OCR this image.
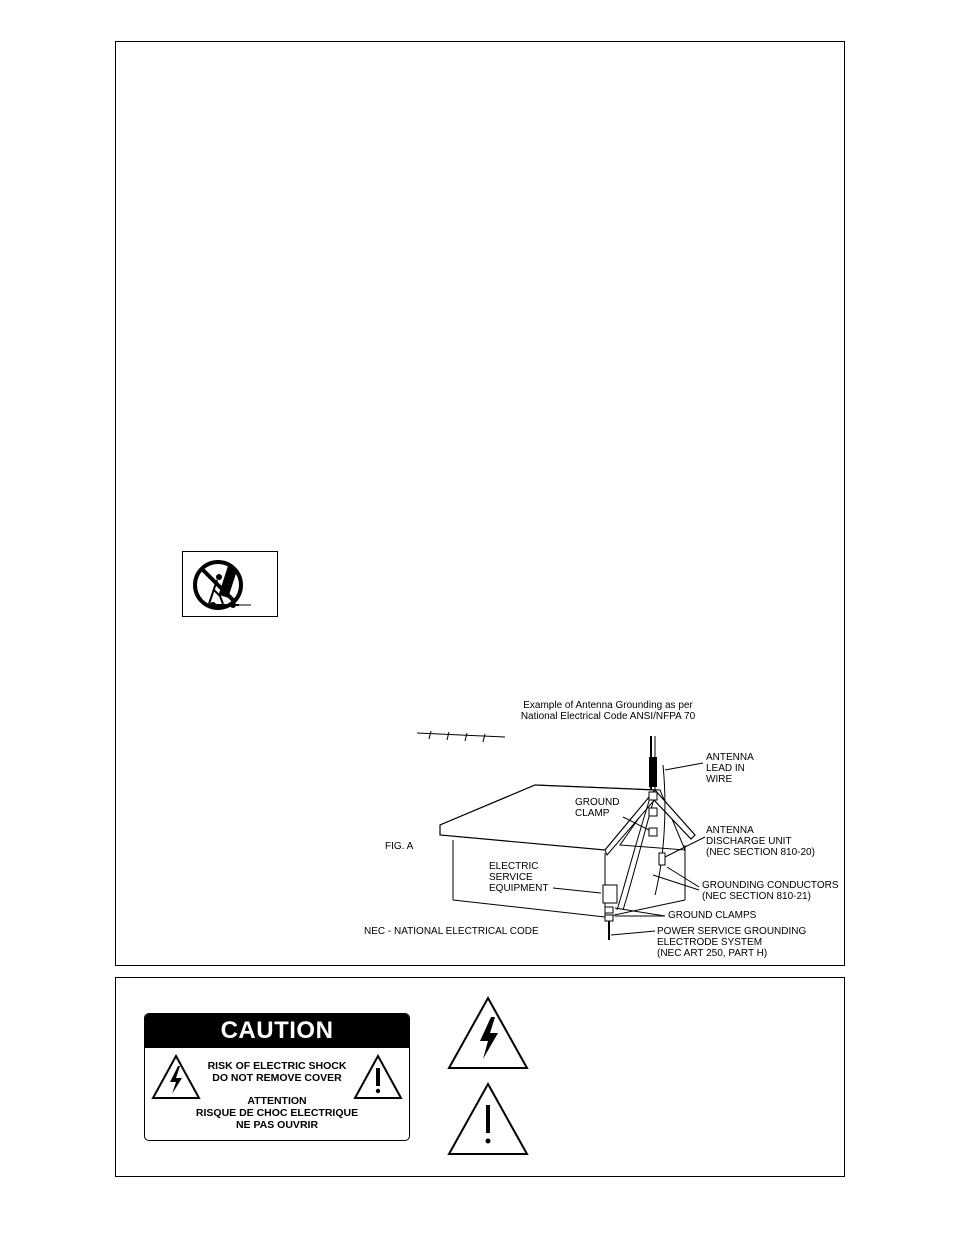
Example of Antenna Grounding as per
National Electrical Code ANSI/NFPA 70
ANTENNA
LEAD IN
WIRE
GROUND
CLAMP
ANTENNA
DISCHARGE UNIT
(NEC SECTION 810-20)
FIG. A
ELECTRIC
SERVICE
EQUIPMENT	GROUNDING CONDUCTORS
(NEC SECTION 810-21)
GROUND CLAMPS
NEC - NATIONAL ELECTRICAL CODE	POWER SERVICE GROUNDING
ELECTRODE SYSTEM
(NEC ART 250, PART H)
CAUTION
RISK OF ELECTRIC SHOCK
DO NOT REMOVE COVER
ATTENTION
RISQUE DE CHOC ELECTRIQUE
NE PAS OUVRIR
